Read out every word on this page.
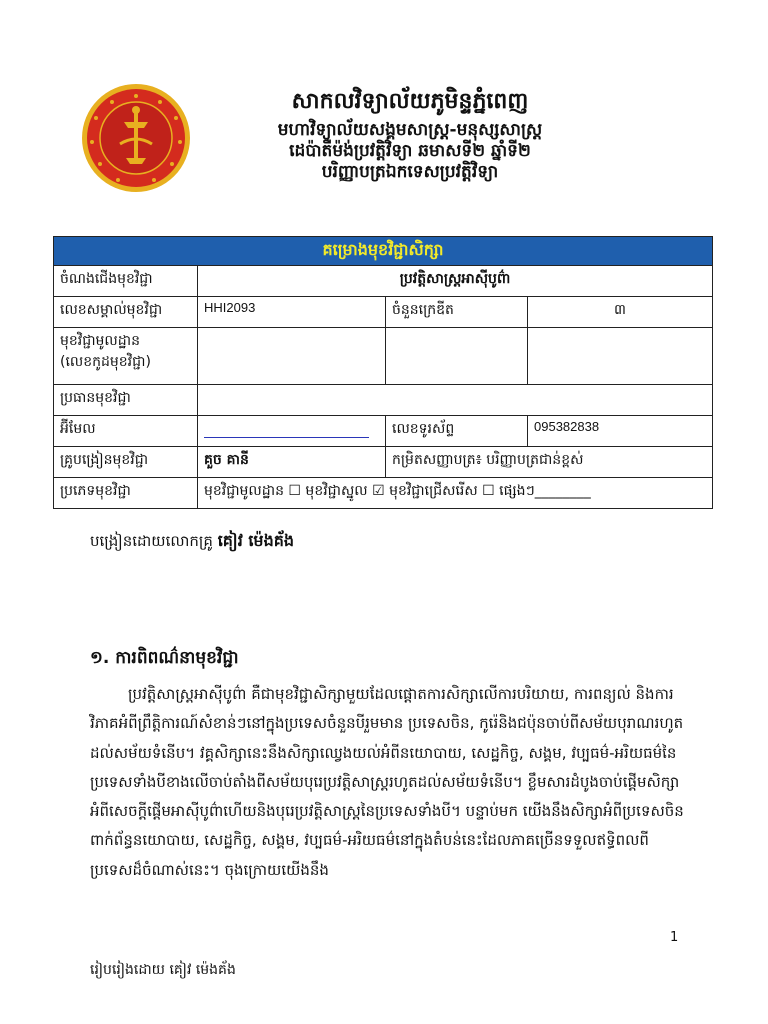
សាកលវិទ្យាល័យភូមិន្ទភ្នំពេញ
មហាវិទ្យាល័យសង្គមសាស្ត្រ-មនុស្សសាស្ត្រ
ដេប៉ាតឺម៉ង់ប្រវត្តិវិទ្យា ឆមាសទី២ ឆ្នាំទី២
បរិញ្ញាបត្រឯកទេសប្រវត្តិវិទ្យា
គម្រោងមុខវិជ្ជាសិក្សា			
ចំណងជើងមុខវិជ្ជា	ប្រវត្តិសាស្ត្រអាស៊ីបូព៌ា		
លេខសម្គាល់មុខវិជ្ជា	HHI2093	ចំនួនក្រេឌីត	៣

មុខវិជ្ជាមូលដ្ឋាន
(លេខកូដមុខវិជ្ជា)			

ប្រធានមុខវិជ្ជា			
អ៊ីមែល		លេខទូរស័ព្ទ	095382838
គ្រូបង្រៀនមុខវិជ្ជា	គួច គានី	កម្រិតសញ្ញាបត្រ៖ បរិញ្ញាបត្រជាន់ខ្ពស់	
ប្រភេទមុខវិជ្ជា	មុខវិជ្ជាមូលដ្ឋាន ☐ មុខវិជ្ជាស្នូល ☑ មុខវិជ្ជាជ្រើសរើស ☐ ផ្សេងៗ________		
បង្រៀនដោយលោកគ្រូ គៀវ ម៉េងគ័ង
១. ការពិពណ៌នាមុខវិជ្ជា
ប្រវត្តិសាស្ត្រអាស៊ីបូព៌ា គឺជាមុខវិជ្ជាសិក្សាមួយដែលផ្តោតការសិក្សាលើការបរិយាយ, ការពន្យល់ និងការវិភាគអំពីព្រឹត្តិការណ៍សំខាន់ៗនៅក្នុងប្រទេសចំនួនបីរួមមាន ប្រទេសចិន, កូរ៉េនិងជប៉ុនចាប់ពីសម័យបុរាណរហូតដល់សម័យទំនើប។ វគ្គសិក្សានេះនឹងសិក្សាឈ្វេងយល់អំពីនយោបាយ, សេដ្ឋកិច្ច, សង្គម, វប្បធម៌-អរិយធម៌នៃប្រទេសទាំងបីខាងលើចាប់តាំងពីសម័យបុរេប្រវត្តិសាស្ត្ររហូតដល់សម័យទំនើប។ ខ្លឹមសារដំបូងចាប់ផ្តើមសិក្សាអំពីសេចក្តីផ្តើមអាស៊ីបូព៌ាហើយនិងបុរេប្រវត្តិសាស្ត្រនៃប្រទេសទាំងបី។ បន្ទាប់មក យើងនឹងសិក្សាអំពីប្រទេសចិនពាក់ព័ន្ធនយោបាយ, សេដ្ឋកិច្ច, សង្គម, វប្បធម៌-អរិយធម៌នៅក្នុងតំបន់នេះដែលភាគច្រើនទទួលឥទ្ធិពលពីប្រទេសដ៏ចំណាស់នេះ។ ចុងក្រោយយើងនឹង
1
រៀបរៀងដោយ គៀវ ម៉េងគ័ង
